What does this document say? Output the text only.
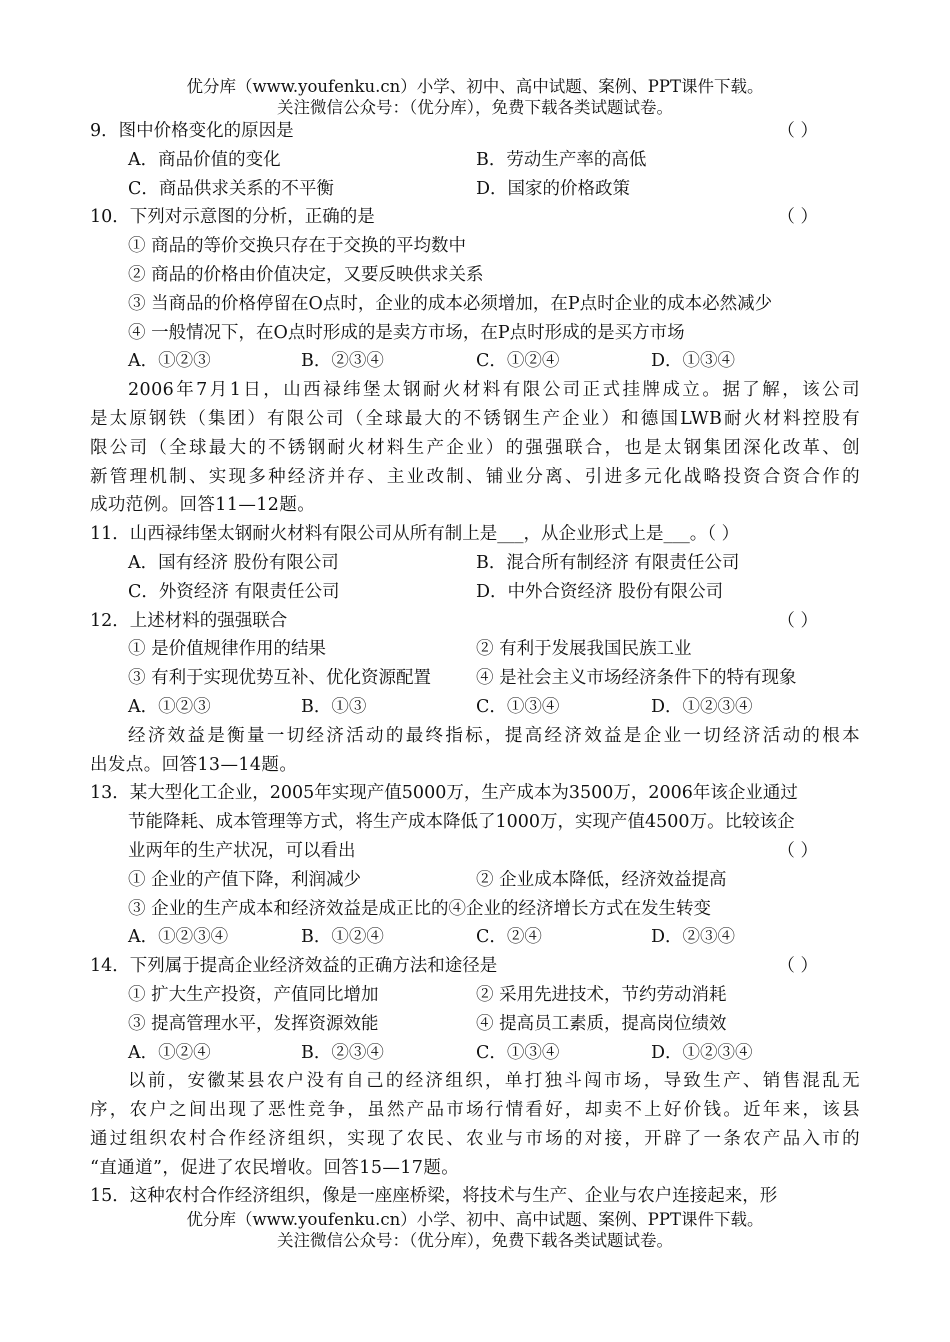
优分库（www.youfenku.cn）小学、初中、高中试题、案例、PPT课件下载。
关注微信公众号：（优分库），免费下载各类试题试卷。
9．图中价格变化的原因是	（ ）
A．商品价值的变化	B．劳动生产率的高低
C．商品供求关系的不平衡	D．国家的价格政策
10．下列对示意图的分析，正确的是	（ ）
① 商品的等价交换只存在于交换的平均数中
② 商品的价格由价值决定，又要反映供求关系
③ 当商品的价格停留在O点时，企业的成本必须增加，在P点时企业的成本必然减少
④ 一般情况下，在O点时形成的是卖方市场，在P点时形成的是买方市场
A．①②③	B．②③④	C．①②④	D．①③④
2006年7月1日，山西禄纬堡太钢耐火材料有限公司正式挂牌成立。据了解，该公司
是太原钢铁（集团）有限公司（全球最大的不锈钢生产企业）和德国LWB耐火材料控股有
限公司（全球最大的不锈钢耐火材料生产企业）的强强联合，也是太钢集团深化改革、创
新管理机制、实现多种经济并存、主业改制、铺业分离、引进多元化战略投资合资合作的
成功范例。回答11—12题。
11．山西禄纬堡太钢耐火材料有限公司从所有制上是___，从企业形式上是___。（ ）
A．国有经济 股份有限公司	B．混合所有制经济 有限责任公司
C．外资经济 有限责任公司	D．中外合资经济 股份有限公司
12．上述材料的强强联合	（ ）
① 是价值规律作用的结果	② 有利于发展我国民族工业
③ 有利于实现优势互补、优化资源配置	④ 是社会主义市场经济条件下的特有现象
A．①②③	B．①③	C．①③④	D．①②③④
经济效益是衡量一切经济活动的最终指标，提高经济效益是企业一切经济活动的根本
出发点。回答13—14题。
13．某大型化工企业，2005年实现产值5000万，生产成本为3500万，2006年该企业通过
节能降耗、成本管理等方式，将生产成本降低了1000万，实现产值4500万。比较该企
业两年的生产状况，可以看出	（ ）
① 企业的产值下降，利润减少	② 企业成本降低，经济效益提高
③ 企业的生产成本和经济效益是成正比的④企业的经济增长方式在发生转变
A．①②③④	B．①②④	C．②④	D．②③④
14．下列属于提高企业经济效益的正确方法和途径是	（ ）
① 扩大生产投资，产值同比增加	② 采用先进技术，节约劳动消耗
③ 提高管理水平，发挥资源效能	④ 提高员工素质，提高岗位绩效
A．①②④	B．②③④	C．①③④	D．①②③④
以前，安徽某县农户没有自己的经济组织，单打独斗闯市场，导致生产、销售混乱无
序，农户之间出现了恶性竞争，虽然产品市场行情看好，却卖不上好价钱。近年来，该县
通过组织农村合作经济组织，实现了农民、农业与市场的对接，开辟了一条农产品入市的
“直通道”，促进了农民增收。回答15—17题。
15．这种农村合作经济组织，像是一座座桥梁，将技术与生产、企业与农户连接起来，形
优分库（www.youfenku.cn）小学、初中、高中试题、案例、PPT课件下载。
关注微信公众号：（优分库），免费下载各类试题试卷。
